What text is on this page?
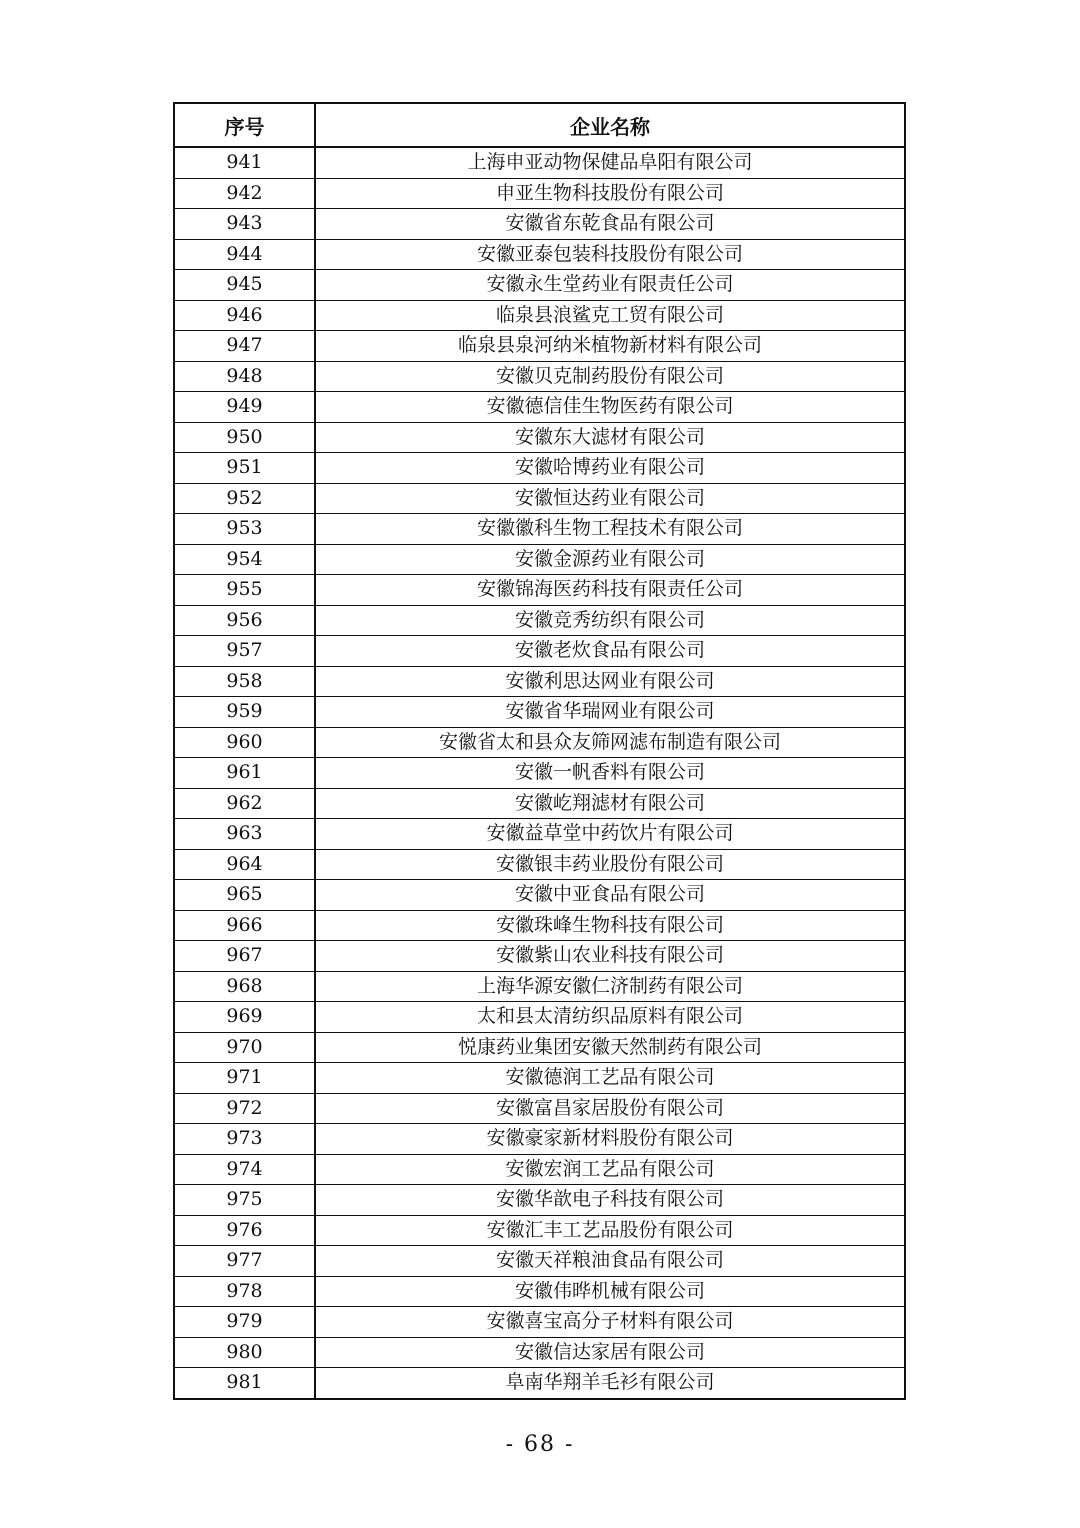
序号	企业名称
941	上海申亚动物保健品阜阳有限公司
942	申亚生物科技股份有限公司
943	安徽省东乾食品有限公司
944	安徽亚泰包装科技股份有限公司
945	安徽永生堂药业有限责任公司
946	临泉县浪鲨克工贸有限公司
947	临泉县泉河纳米植物新材料有限公司
948	安徽贝克制药股份有限公司
949	安徽德信佳生物医药有限公司
950	安徽东大滤材有限公司
951	安徽哈博药业有限公司
952	安徽恒达药业有限公司
953	安徽徽科生物工程技术有限公司
954	安徽金源药业有限公司
955	安徽锦海医药科技有限责任公司
956	安徽竞秀纺织有限公司
957	安徽老炊食品有限公司
958	安徽利思达网业有限公司
959	安徽省华瑞网业有限公司
960	安徽省太和县众友筛网滤布制造有限公司
961	安徽一帆香料有限公司
962	安徽屹翔滤材有限公司
963	安徽益草堂中药饮片有限公司
964	安徽银丰药业股份有限公司
965	安徽中亚食品有限公司
966	安徽珠峰生物科技有限公司
967	安徽紫山农业科技有限公司
968	上海华源安徽仁济制药有限公司
969	太和县太清纺织品原料有限公司
970	悦康药业集团安徽天然制药有限公司
971	安徽德润工艺品有限公司
972	安徽富昌家居股份有限公司
973	安徽豪家新材料股份有限公司
974	安徽宏润工艺品有限公司
975	安徽华歆电子科技有限公司
976	安徽汇丰工艺品股份有限公司
977	安徽天祥粮油食品有限公司
978	安徽伟晔机械有限公司
979	安徽喜宝高分子材料有限公司
980	安徽信达家居有限公司
981	阜南华翔羊毛衫有限公司
- 68 -
